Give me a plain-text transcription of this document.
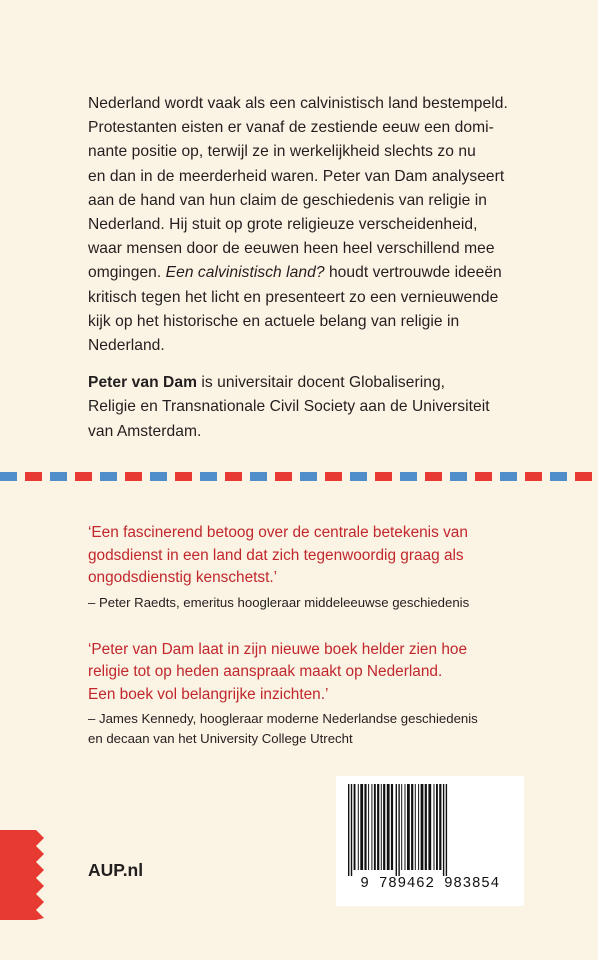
Nederland wordt vaak als een calvinistisch land bestempeld.
Protestanten eisten er vanaf de zestiende eeuw een domi-
nante positie op, terwijl ze in werkelijkheid slechts zo nu
en dan in de meerderheid waren. Peter van Dam analyseert
aan de hand van hun claim de geschiedenis van religie in
Nederland. Hij stuit op grote religieuze verscheidenheid,
waar mensen door de eeuwen heen heel verschillend mee
omgingen. Een calvinistisch land? houdt vertrouwde ideeën
kritisch tegen het licht en presenteert zo een vernieuwende
kijk op het historische en actuele belang van religie in
Nederland.

Peter van Dam is universitair docent Globalisering,
Religie en Transnationale Civil Society aan de Universiteit
van Amsterdam.

‘Een fascinerend betoog over de centrale betekenis van
godsdienst in een land dat zich tegenwoordig graag als
ongodsdienstig kenschetst.’

– Peter Raedts, emeritus hoogleraar middeleeuwse geschiedenis

‘Peter van Dam laat in zijn nieuwe boek helder zien hoe
religie tot op heden aanspraak maakt op Nederland.
Een boek vol belangrijke inzichten.’

– James Kennedy, hoogleraar moderne Nederlandse geschiedenis
en decaan van het University College Utrecht

AUP.nl
9 789462 983854
